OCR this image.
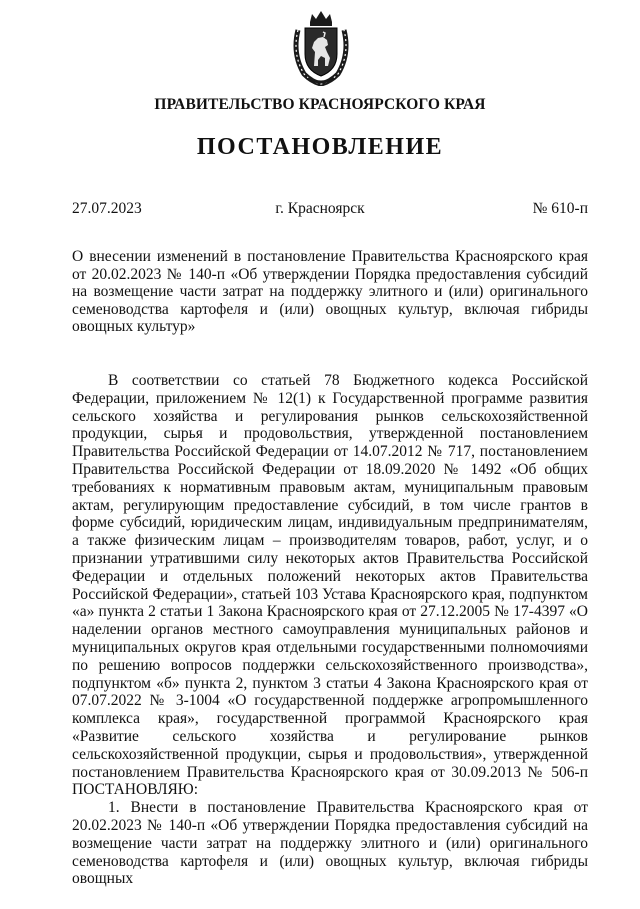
ПРАВИТЕЛЬСТВО КРАСНОЯРСКОГО КРАЯ
ПОСТАНОВЛЕНИЕ
27.07.2023	г. Красноярск	№ 610-п
О внесении изменений в постановление Правительства Красноярского края от 20.02.2023 № 140-п «Об утверждении Порядка предоставления субсидий на возмещение части затрат на поддержку элитного и (или) оригинального семеноводства картофеля и (или) овощных культур, включая гибриды овощных культур»

В соответствии со статьей 78 Бюджетного кодекса Российской Федерации, приложением № 12(1) к Государственной программе развития сельского хозяйства и регулирования рынков сельскохозяйственной продукции, сырья и продовольствия, утвержденной постановлением Правительства Российской Федерации от 14.07.2012 № 717, постановлением Правительства Российской Федерации от 18.09.2020 № 1492 «Об общих требованиях к нормативным правовым актам, муниципальным правовым актам, регулирующим предоставление субсидий, в том числе грантов в форме субсидий, юридическим лицам, индивидуальным предпринимателям, а также физическим лицам – производителям товаров, работ, услуг, и о признании утратившими силу некоторых актов Правительства Российской Федерации и отдельных положений некоторых актов Правительства Российской Федерации», статьей 103 Устава Красноярского края, подпунктом «а» пункта 2 статьи 1 Закона Красноярского края от 27.12.2005 № 17-4397 «О наделении органов местного самоуправления муниципальных районов и муниципальных округов края отдельными государственными полномочиями по решению вопросов поддержки сельскохозяйственного производства», подпунктом «б» пункта 2, пунктом 3 статьи 4 Закона Красноярского края от 07.07.2022 № 3-1004 «О государственной поддержке агропромышленного комплекса края», государственной программой Красноярского края «Развитие сельского хозяйства и регулирование рынков сельскохозяйственной продукции, сырья и продовольствия», утвержденной постановлением Правительства Красноярского края от 30.09.2013 № 506-п ПОСТАНОВЛЯЮ:

1. Внести в постановление Правительства Красноярского края от 20.02.2023 № 140-п «Об утверждении Порядка предоставления субсидий на возмещение части затрат на поддержку элитного и (или) оригинального семеноводства картофеля и (или) овощных культур, включая гибриды овощных
